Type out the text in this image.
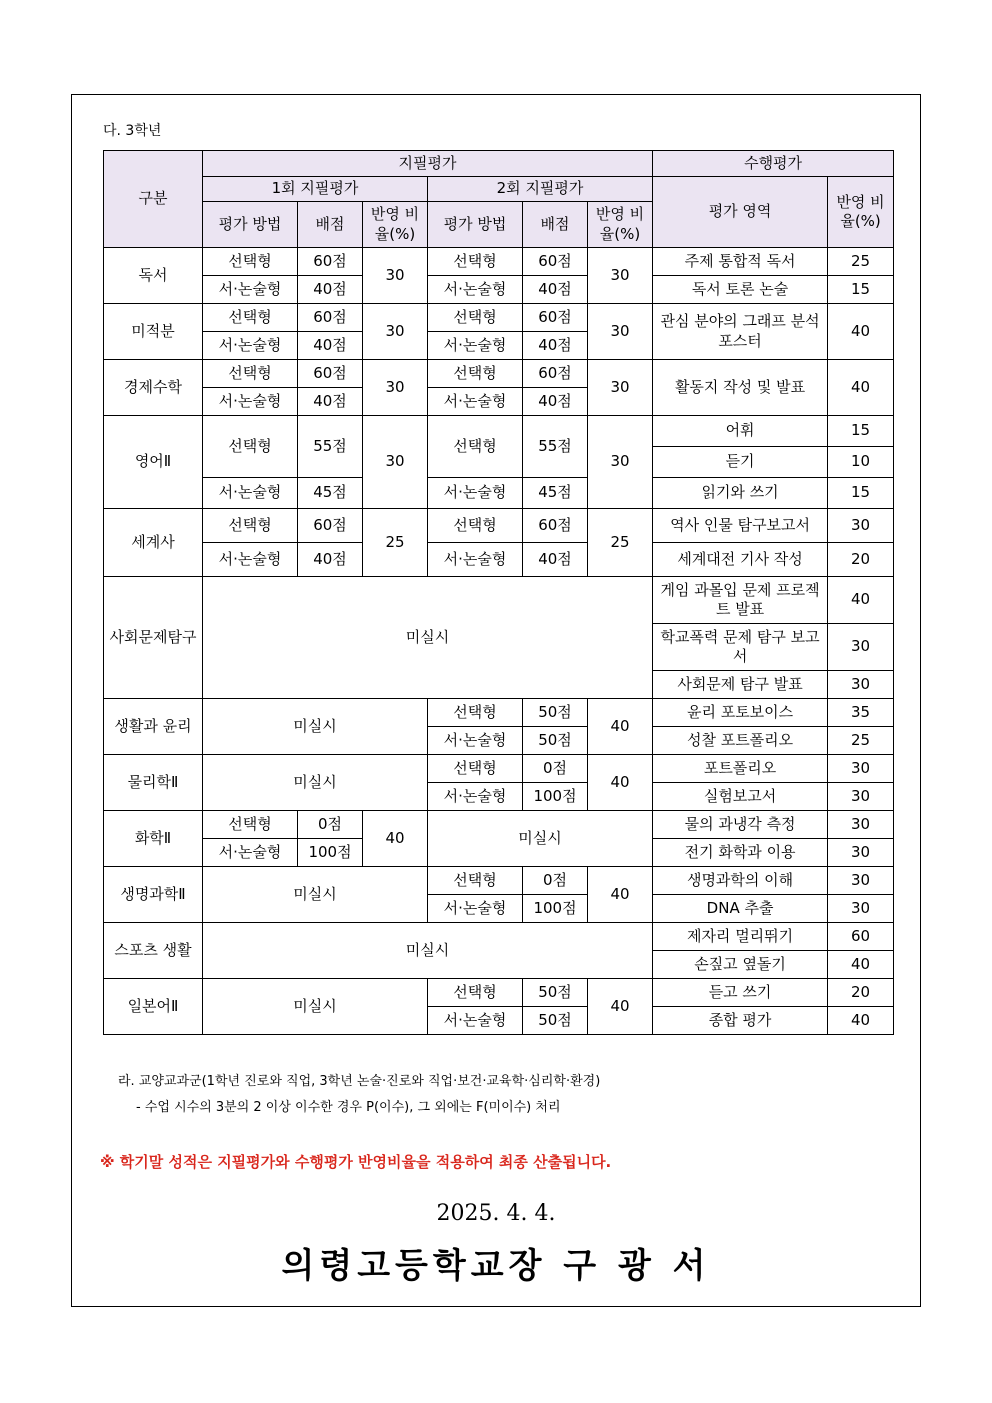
다. 3학년
구분	지필평가						수행평가	
	1회 지필평가			2회 지필평가			평가 영역	반영 비율(%)
	평가 방법	배점	반영 비율(%)	평가 방법	배점	반영 비율(%)		
독서	선택형	60점	30	선택형	60점	30	주제 통합적 독서	25
	서·논술형	40점		서·논술형	40점		독서 토론 논술	15
미적분	선택형	60점	30	선택형	60점	30	관심 분야의 그래프 분석 포스터	40
	서·논술형	40점		서·논술형	40점			
경제수학	선택형	60점	30	선택형	60점	30	활동지 작성 및 발표	40
	서·논술형	40점		서·논술형	40점			
영어Ⅱ	선택형	55점	30	선택형	55점	30	어휘	15
							듣기	10
	서·논술형	45점		서·논술형	45점		읽기와 쓰기	15
세계사	선택형	60점	25	선택형	60점	25	역사 인물 탐구보고서	30
	서·논술형	40점		서·논술형	40점		세계대전 기사 작성	20
사회문제탐구	미실시						게임 과몰입 문제 프로젝트 발표	40
							학교폭력 문제 탐구 보고서	30
							사회문제 탐구 발표	30
생활과 윤리	미실시			선택형	50점	40	윤리 포토보이스	35
				서·논술형	50점		성찰 포트폴리오	25
물리학Ⅱ	미실시			선택형	0점	40	포트폴리오	30
				서·논술형	100점		실험보고서	30
화학Ⅱ	선택형	0점	40	미실시			물의 과냉각 측정	30
	서·논술형	100점					전기 화학과 이용	30
생명과학Ⅱ	미실시			선택형	0점	40	생명과학의 이해	30
				서·논술형	100점		DNA 추출	30
스포츠 생활	미실시						제자리 멀리뛰기	60
							손짚고 옆돌기	40
일본어Ⅱ	미실시			선택형	50점	40	듣고 쓰기	20
				서·논술형	50점		종합 평가	40
라. 교양교과군(1학년 진로와 직업, 3학년 논술·진로와 직업·보건·교육학·심리학·환경)
- 수업 시수의 3분의 2 이상 이수한 경우 P(이수), 그 외에는 F(미이수) 처리
※ 학기말 성적은 지필평가와 수행평가 반영비율을 적용하여 최종 산출됩니다.
2025. 4. 4.
의령고등학교장 구 광 서
